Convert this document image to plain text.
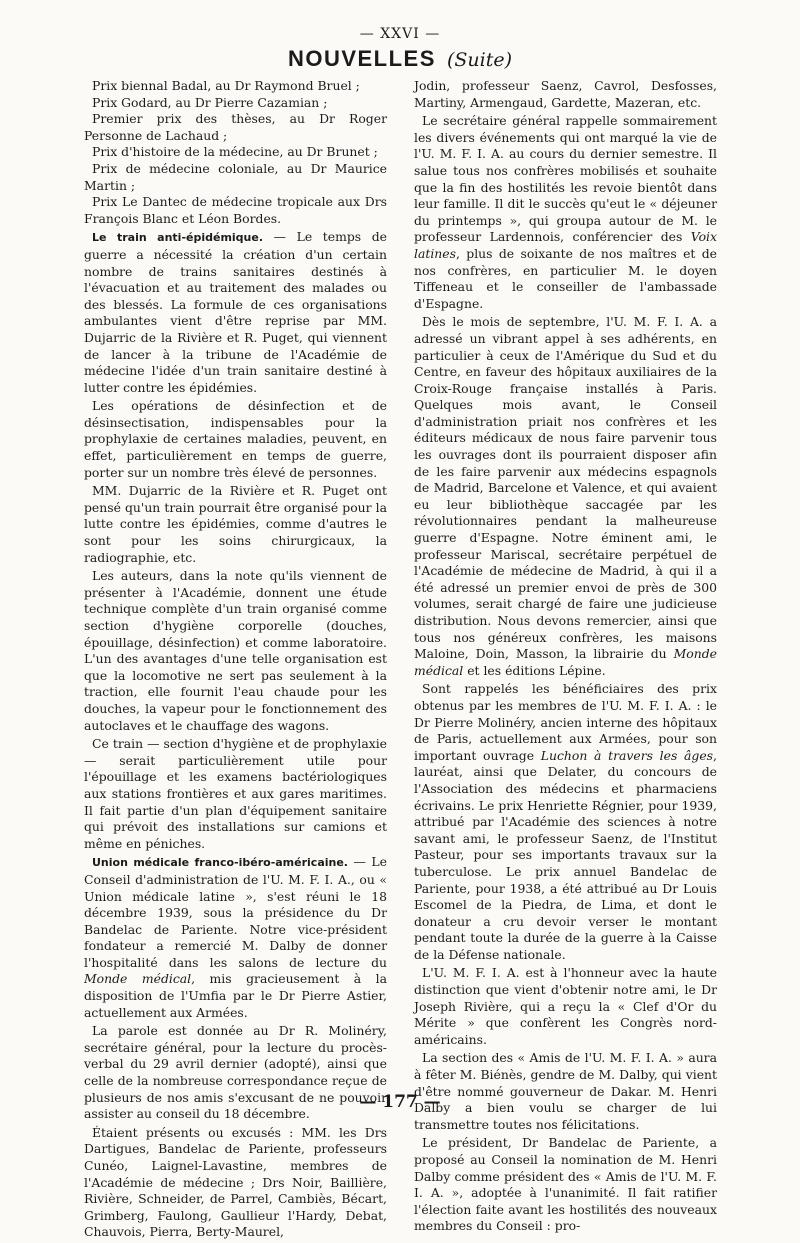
— XXVI —
NOUVELLES (Suite)

Prix biennal Badal, au Dr Raymond Bruel ;

Prix Godard, au Dr Pierre Cazamian ;

Premier prix des thèses, au Dr Roger Personne de Lachaud ;

Prix d'histoire de la médecine, au Dr Brunet ;

Prix de médecine coloniale, au Dr Maurice Martin ;

Prix Le Dantec de médecine tropicale aux Drs François Blanc et Léon Bordes.

Le train anti-épidémique. — Le temps de guerre a nécessité la création d'un certain nombre de trains sanitaires destinés à l'évacuation et au traitement des malades ou des blessés. La formule de ces organisations ambulantes vient d'être reprise par MM. Dujarric de la Rivière et R. Puget, qui viennent de lancer à la tribune de l'Académie de médecine l'idée d'un train sanitaire destiné à lutter contre les épidémies.

Les opérations de désinfection et de désinsectisation, indispensables pour la prophylaxie de certaines maladies, peuvent, en effet, particulièrement en temps de guerre, porter sur un nombre très élevé de personnes.

MM. Dujarric de la Rivière et R. Puget ont pensé qu'un train pourrait être organisé pour la lutte contre les épidémies, comme d'autres le sont pour les soins chirurgicaux, la radiographie, etc.

Les auteurs, dans la note qu'ils viennent de présenter à l'Académie, donnent une étude technique complète d'un train organisé comme section d'hygiène corporelle (douches, épouillage, désinfection) et comme laboratoire. L'un des avantages d'une telle organisation est que la locomotive ne sert pas seulement à la traction, elle fournit l'eau chaude pour les douches, la vapeur pour le fonctionnement des autoclaves et le chauffage des wagons.

Ce train — section d'hygiène et de prophylaxie — serait particulièrement utile pour l'épouillage et les examens bactériologiques aux stations frontières et aux gares maritimes. Il fait partie d'un plan d'équipement sanitaire qui prévoit des installations sur camions et même en péniches.

Union médicale franco-ibéro-américaine. — Le Conseil d'administration de l'U. M. F. I. A., ou « Union médicale latine », s'est réuni le 18 décembre 1939, sous la présidence du Dr Bandelac de Pariente. Notre vice-président fondateur a remercié M. Dalby de donner l'hospitalité dans les salons de lecture du Monde médical, mis gracieusement à la disposition de l'Umfia par le Dr Pierre Astier, actuellement aux Armées.

La parole est donnée au Dr R. Molinéry, secrétaire général, pour la lecture du procès-verbal du 29 avril dernier (adopté), ainsi que celle de la nombreuse correspondance reçue de plusieurs de nos amis s'excusant de ne pouvoir assister au conseil du 18 décembre.

Étaient présents ou excusés : MM. les Drs Dartigues, Bandelac de Pariente, professeurs Cunéo, Laignel-Lavastine, membres de l'Académie de médecine ; Drs Noir, Baillière, Rivière, Schneider, de Parrel, Cambiès, Bécart, Grimberg, Faulong, Gaullieur l'Hardy, Debat, Chauvois, Pierra, Berty-Maurel,

Jodin, professeur Saenz, Cavrol, Desfosses, Martiny, Armengaud, Gardette, Mazeran, etc.

Le secrétaire général rappelle sommairement les divers événements qui ont marqué la vie de l'U. M. F. I. A. au cours du dernier semestre. Il salue tous nos confrères mobilisés et souhaite que la fin des hostilités les revoie bientôt dans leur famille. Il dit le succès qu'eut le « déjeuner du printemps », qui groupa autour de M. le professeur Lardennois, conférencier des Voix latines, plus de soixante de nos maîtres et de nos confrères, en particulier M. le doyen Tiffeneau et le conseiller de l'ambassade d'Espagne.

Dès le mois de septembre, l'U. M. F. I. A. a adressé un vibrant appel à ses adhérents, en particulier à ceux de l'Amérique du Sud et du Centre, en faveur des hôpitaux auxiliaires de la Croix-Rouge française installés à Paris. Quelques mois avant, le Conseil d'administration priait nos confrères et les éditeurs médicaux de nous faire parvenir tous les ouvrages dont ils pourraient disposer afin de les faire parvenir aux médecins espagnols de Madrid, Barcelone et Valence, et qui avaient eu leur bibliothèque saccagée par les révolutionnaires pendant la malheureuse guerre d'Espagne. Notre éminent ami, le professeur Mariscal, secrétaire perpétuel de l'Académie de médecine de Madrid, à qui il a été adressé un premier envoi de près de 300 volumes, serait chargé de faire une judicieuse distribution. Nous devons remercier, ainsi que tous nos généreux confrères, les maisons Maloine, Doin, Masson, la librairie du Monde médical et les éditions Lépine.

Sont rappelés les bénéficiaires des prix obtenus par les membres de l'U. M. F. I. A. : le Dr Pierre Molinéry, ancien interne des hôpitaux de Paris, actuellement aux Armées, pour son important ouvrage Luchon à travers les âges, lauréat, ainsi que Delater, du concours de l'Association des médecins et pharmaciens écrivains. Le prix Henriette Régnier, pour 1939, attribué par l'Académie des sciences à notre savant ami, le professeur Saenz, de l'Institut Pasteur, pour ses importants travaux sur la tuberculose. Le prix annuel Bandelac de Pariente, pour 1938, a été attribué au Dr Louis Escomel de la Piedra, de Lima, et dont le donateur a cru devoir verser le montant pendant toute la durée de la guerre à la Caisse de la Défense nationale.

L'U. M. F. I. A. est à l'honneur avec la haute distinction que vient d'obtenir notre ami, le Dr Joseph Rivière, qui a reçu la « Clef d'Or du Mérite » que confèrent les Congrès nord-américains.

La section des « Amis de l'U. M. F. I. A. » aura à fêter M. Biénès, gendre de M. Dalby, qui vient d'être nommé gouverneur de Dakar. M. Henri Dalby a bien voulu se charger de lui transmettre toutes nos félicitations.

Le président, Dr Bandelac de Pariente, a proposé au Conseil la nomination de M. Henri Dalby comme président des « Amis de l'U. M. F. I. A. », adoptée à l'unanimité. Il fait ratifier l'élection faite avant les hostilités des nouveaux membres du Conseil : pro-

— 177 —
